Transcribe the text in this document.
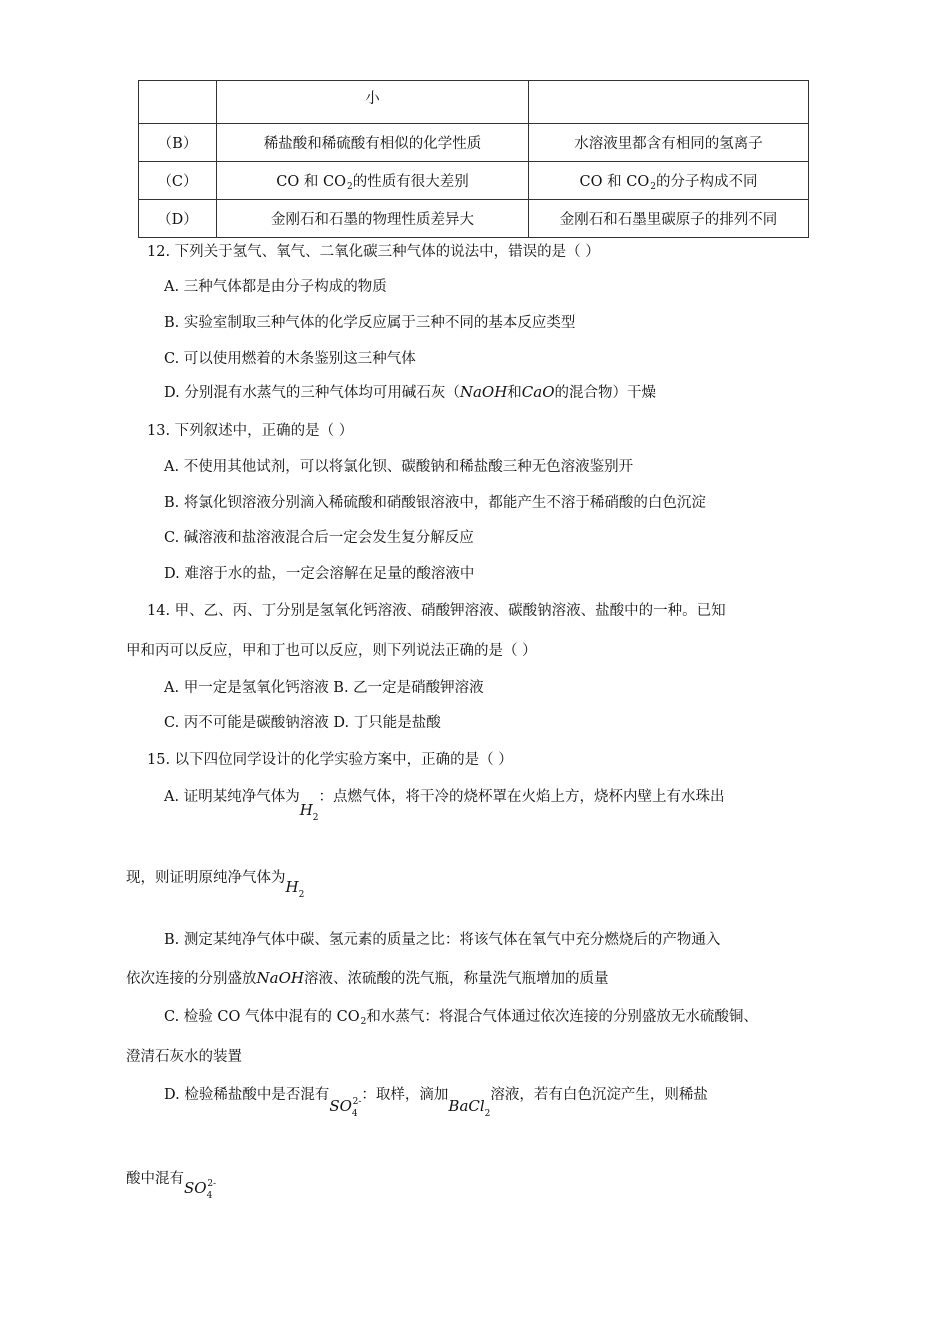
	小	
（B）	稀盐酸和稀硫酸有相似的化学性质	水溶液里都含有相同的氢离子
（C）	CO 和 $CO_2$的性质有很大差别	CO 和 $CO_2$的分子构成不同
（D）	金刚石和石墨的物理性质差异大	金刚石和石墨里碳原子的排列不同
12. 下列关于氢气、氧气、二氧化碳三种气体的说法中，错误的是（ ）
A. 三种气体都是由分子构成的物质
B. 实验室制取三种气体的化学反应属于三种不同的基本反应类型
C. 可以使用燃着的木条鉴别这三种气体
D. 分别混有水蒸气的三种气体均可用碱石灰（NaOH和CaO的混合物）干燥
13. 下列叙述中，正确的是（ ）
A. 不使用其他试剂，可以将氯化钡、碳酸钠和稀盐酸三种无色溶液鉴别开
B. 将氯化钡溶液分别滴入稀硫酸和硝酸银溶液中，都能产生不溶于稀硝酸的白色沉淀
C. 碱溶液和盐溶液混合后一定会发生复分解反应
D. 难溶于水的盐，一定会溶解在足量的酸溶液中
14. 甲、乙、丙、丁分别是氢氧化钙溶液、硝酸钾溶液、碳酸钠溶液、盐酸中的一种。已知
甲和丙可以反应，甲和丁也可以反应，则下列说法正确的是（ ）
A. 甲一定是氢氧化钙溶液 B. 乙一定是硝酸钾溶液
C. 丙不可能是碳酸钠溶液 D. 丁只能是盐酸
15. 以下四位同学设计的化学实验方案中，正确的是（ ）
A. 证明某纯净气体为$H_2$：点燃气体，将干冷的烧杯罩在火焰上方，烧杯内壁上有水珠出
现，则证明原纯净气体为$H_2$
B. 测定某纯净气体中碳、氢元素的质量之比：将该气体在氧气中充分燃烧后的产物通入
依次连接的分别盛放NaOH溶液、浓硫酸的洗气瓶，称量洗气瓶增加的质量
C. 检验 CO 气体中混有的 $CO_2$和水蒸气：将混合气体通过依次连接的分别盛放无水硫酸铜、
澄清石灰水的装置
D. 检验稀盐酸中是否混有$SO_4^{2-}$：取样，滴加BaCl$_2$溶液，若有白色沉淀产生，则稀盐
酸中混有$SO_4^{2-}$
